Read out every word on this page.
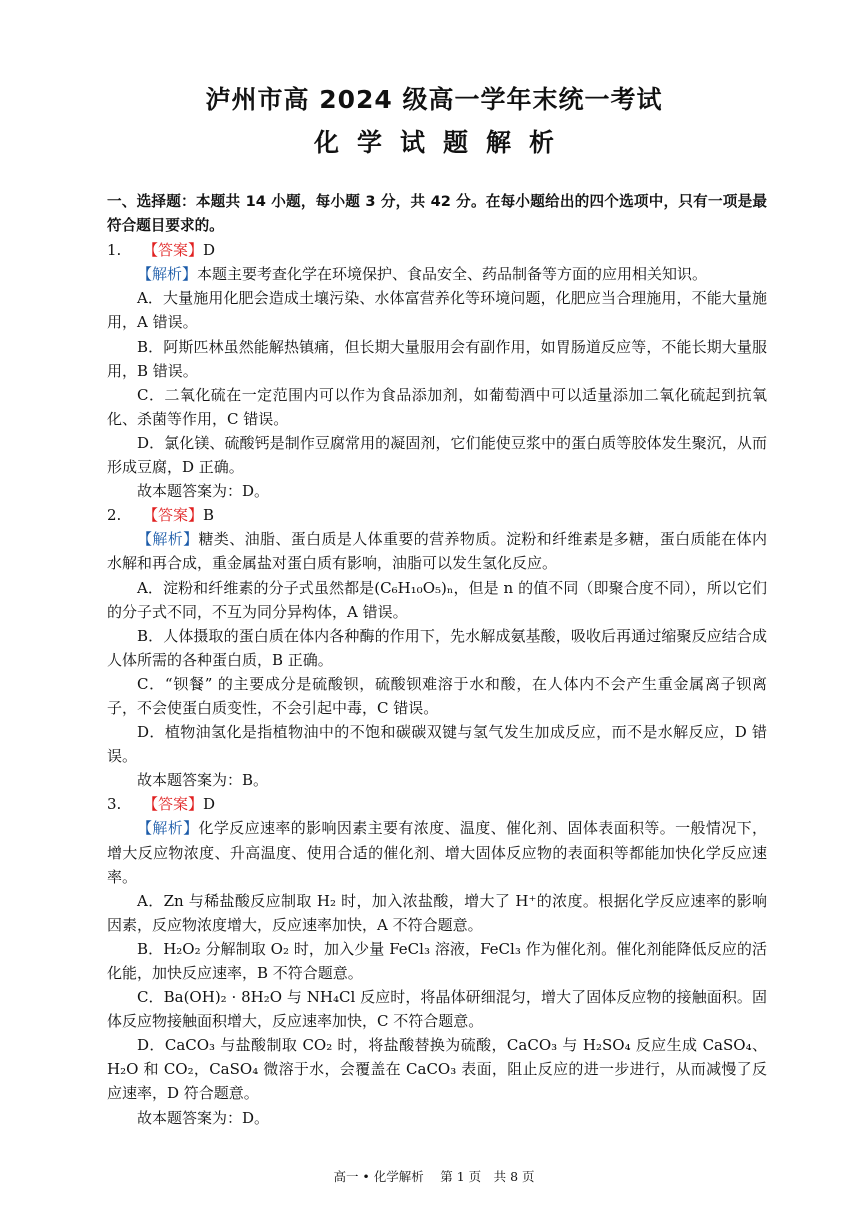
泸州市高 2024 级高一学年末统一考试
化学试题解析

一、选择题：本题共 14 小题，每小题 3 分，共 42 分。在每小题给出的四个选项中，只有一项是最符合题目要求的。

1. 【答案】D

【解析】本题主要考查化学在环境保护、食品安全、药品制备等方面的应用相关知识。

A．大量施用化肥会造成土壤污染、水体富营养化等环境问题，化肥应当合理施用，不能大量施用，A 错误。

B．阿斯匹林虽然能解热镇痛，但长期大量服用会有副作用，如胃肠道反应等，不能长期大量服用，B 错误。

C．二氧化硫在一定范围内可以作为食品添加剂，如葡萄酒中可以适量添加二氧化硫起到抗氧化、杀菌等作用，C 错误。

D．氯化镁、硫酸钙是制作豆腐常用的凝固剂，它们能使豆浆中的蛋白质等胶体发生聚沉，从而形成豆腐，D 正确。

故本题答案为：D。

2. 【答案】B

【解析】糖类、油脂、蛋白质是人体重要的营养物质。淀粉和纤维素是多糖，蛋白质能在体内水解和再合成，重金属盐对蛋白质有影响，油脂可以发生氢化反应。

A．淀粉和纤维素的分子式虽然都是(C₆H₁₀O₅)ₙ，但是 n 的值不同（即聚合度不同），所以它们的分子式不同，不互为同分异构体，A 错误。

B．人体摄取的蛋白质在体内各种酶的作用下，先水解成氨基酸，吸收后再通过缩聚反应结合成人体所需的各种蛋白质，B 正确。

C．“钡餐” 的主要成分是硫酸钡，硫酸钡难溶于水和酸，在人体内不会产生重金属离子钡离子，不会使蛋白质变性，不会引起中毒，C 错误。

D．植物油氢化是指植物油中的不饱和碳碳双键与氢气发生加成反应，而不是水解反应，D 错误。

故本题答案为：B。

3. 【答案】D

【解析】化学反应速率的影响因素主要有浓度、温度、催化剂、固体表面积等。一般情况下，增大反应物浓度、升高温度、使用合适的催化剂、增大固体反应物的表面积等都能加快化学反应速率。

A．Zn 与稀盐酸反应制取 H₂ 时，加入浓盐酸，增大了 H⁺的浓度。根据化学反应速率的影响因素，反应物浓度增大，反应速率加快，A 不符合题意。

B．H₂O₂ 分解制取 O₂ 时，加入少量 FeCl₃ 溶液，FeCl₃ 作为催化剂。催化剂能降低反应的活化能，加快反应速率，B 不符合题意。

C．Ba(OH)₂ · 8H₂O 与 NH₄Cl 反应时，将晶体研细混匀，增大了固体反应物的接触面积。固体反应物接触面积增大，反应速率加快，C 不符合题意。

D．CaCO₃ 与盐酸制取 CO₂ 时，将盐酸替换为硫酸，CaCO₃ 与 H₂SO₄ 反应生成 CaSO₄、H₂O 和 CO₂，CaSO₄ 微溶于水，会覆盖在 CaCO₃ 表面，阻止反应的进一步进行，从而减慢了反应速率，D 符合题意。

故本题答案为：D。

高一 • 化学解析　 第 1 页　共 8 页
